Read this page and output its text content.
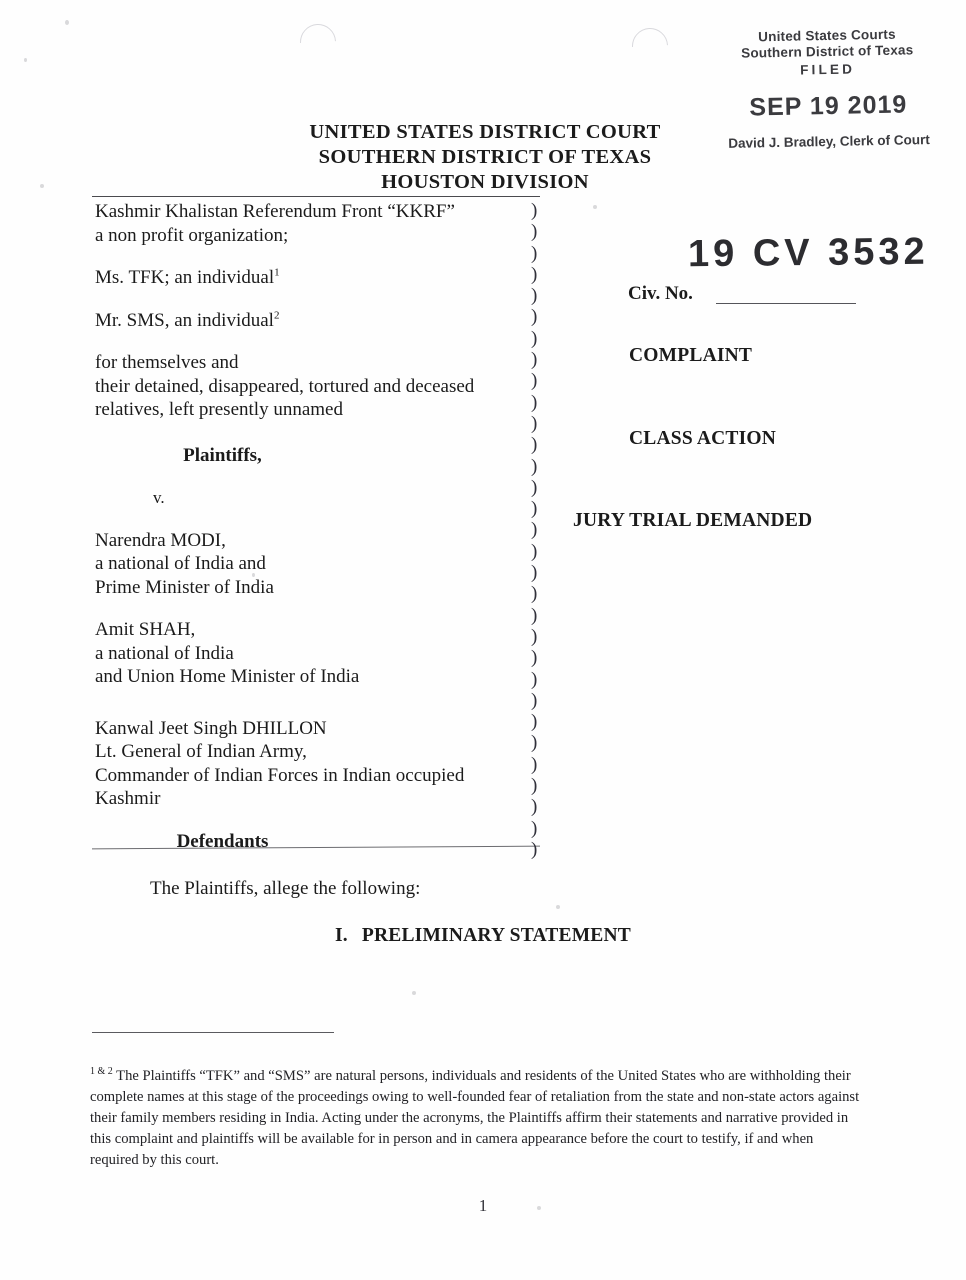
United States Courts
Southern District of Texas
FILED
SEP 19 2019
David J. Bradley, Clerk of Court
UNITED STATES DISTRICT COURT
SOUTHERN DISTRICT OF TEXAS
HOUSTON DIVISION
)
)
)
)
)
)
)
)
)
)
)
)
)
)
)
)
)
)
)
)
)
)
)
)
)
)
)
)
)
)
)
Kashmir Khalistan Referendum Front “KKRF”
a non profit organization;
Ms. TFK; an individual$^1$
Mr. SMS, an individual$^2$
for themselves and
their detained, disappeared, tortured and deceased
relatives, left presently unnamed
Plaintiffs,
v.
Narendra MODI,
a national of India and
Prime Minister of India
Amit SHAH,
a national of India
and Union Home Minister of India
Kanwal Jeet Singh DHILLON
Lt. General of Indian Army,
Commander of Indian Forces in Indian occupied
Kashmir
Defendants
19 CV 3532
Civ. No.
COMPLAINT
CLASS ACTION
JURY TRIAL DEMANDED
The Plaintiffs, allege the following:
I. PRELIMINARY STATEMENT
$^{1 \& 2}$ The Plaintiffs “TFK” and “SMS” are natural persons, individuals and residents of the United States who are withholding their complete names at this stage of the proceedings owing to well-founded fear of retaliation from the state and non-state actors against their family members residing in India. Acting under the acronyms, the Plaintiffs affirm their statements and narrative provided in this complaint and plaintiffs will be available for in person and in camera appearance before the court to testify, if and when required by this court.
1
